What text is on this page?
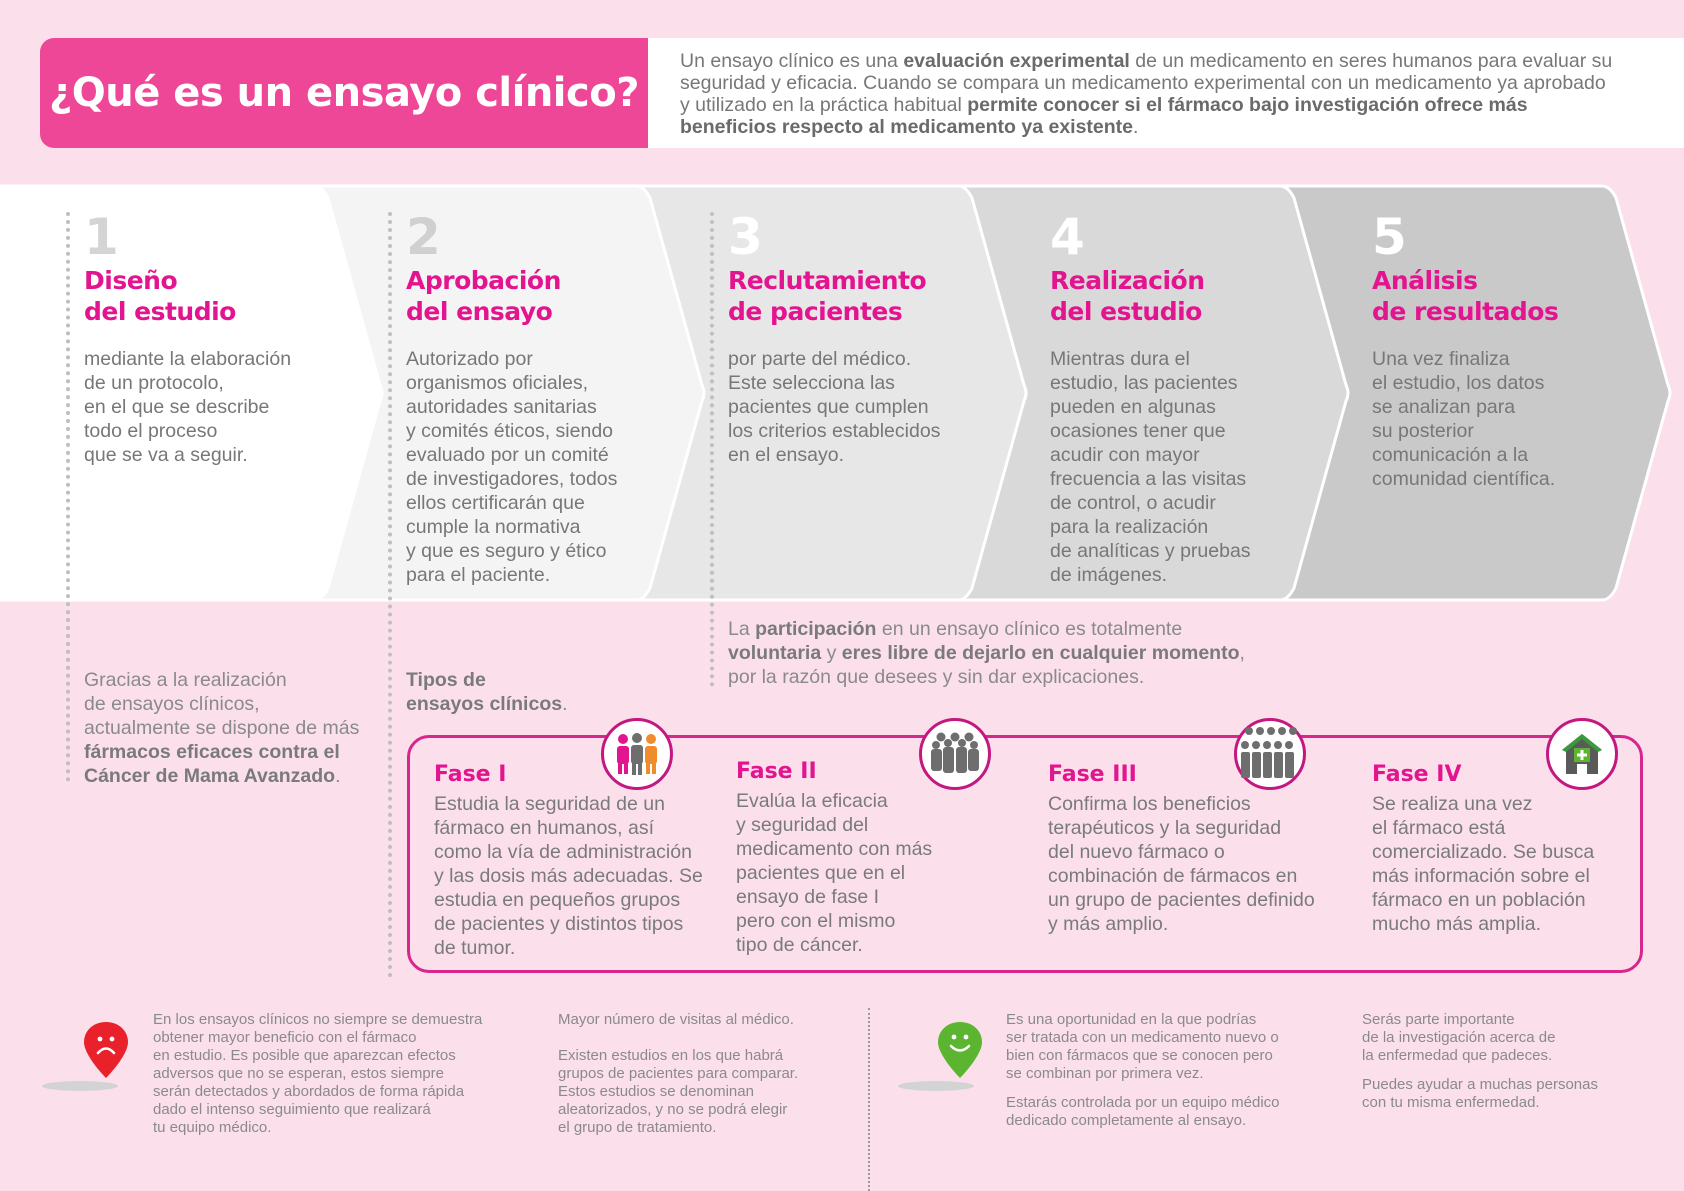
¿Qué es un ensayo clínico?
Un ensayo clínico es una evaluación experimental de un medicamento en seres humanos para evaluar su seguridad y eficacia. Cuando se compara un medicamento experimental con un medicamento ya aprobado y utilizado en la práctica habitual permite conocer si el fármaco bajo investigación ofrece más beneficios respecto al medicamento ya existente.
1
Diseño
del estudio
mediante la elaboración
de un protocolo,
en el que se describe
todo el proceso
que se va a seguir.
2
Aprobación
del ensayo
Autorizado por
organismos oficiales,
autoridades sanitarias
y comités éticos, siendo
evaluado por un comité
de investigadores, todos
ellos certificarán que
cumple la normativa
y que es seguro y ético
para el paciente.
3
Reclutamiento
de pacientes
por parte del médico.
Este selecciona las
pacientes que cumplen
los criterios establecidos
en el ensayo.
4
Realización
del estudio
Mientras dura el
estudio, las pacientes
pueden en algunas
ocasiones tener que
acudir con mayor
frecuencia a las visitas
de control, o acudir
para la realización
de analíticas y pruebas
de imágenes.
5
Análisis
de resultados
Una vez finaliza
el estudio, los datos
se analizan para
su posterior
comunicación a la
comunidad científica.
Gracias a la realización
de ensayos clínicos,
actualmente se dispone de más
fármacos eficaces contra el
Cáncer de Mama Avanzado.
Tipos de
ensayos clínicos.
La participación en un ensayo clínico es totalmente
voluntaria y eres libre de dejarlo en cualquier momento,
por la razón que desees y sin dar explicaciones.
Fase I
Estudia la seguridad de un
fármaco en humanos, así
como la vía de administración
y las dosis más adecuadas. Se
estudia en pequeños grupos
de pacientes y distintos tipos
de tumor.
Fase II
Evalúa la eficacia
y seguridad del
medicamento con más
pacientes que en el
ensayo de fase I
pero con el mismo
tipo de cáncer.
Fase III
Confirma los beneficios
terapéuticos y la seguridad
del nuevo fármaco o
combinación de fármacos en
un grupo de pacientes definido
y más amplio.
Fase IV
Se realiza una vez
el fármaco está
comercializado. Se busca
más información sobre el
fármaco en un población
mucho más amplia.
En los ensayos clínicos no siempre se demuestra
obtener mayor beneficio con el fármaco
en estudio. Es posible que aparezcan efectos
adversos que no se esperan, estos siempre
serán detectados y abordados de forma rápida
dado el intenso seguimiento que realizará
tu equipo médico.
Mayor número de visitas al médico.
Existen estudios en los que habrá
grupos de pacientes para comparar.
Estos estudios se denominan
aleatorizados, y no se podrá elegir
el grupo de tratamiento.
Es una oportunidad en la que podrías
ser tratada con un medicamento nuevo o
bien con fármacos que se conocen pero
se combinan por primera vez.
Estarás controlada por un equipo médico
dedicado completamente al ensayo.
Serás parte importante
de la investigación acerca de
la enfermedad que padeces.
Puedes ayudar a muchas personas
con tu misma enfermedad.
